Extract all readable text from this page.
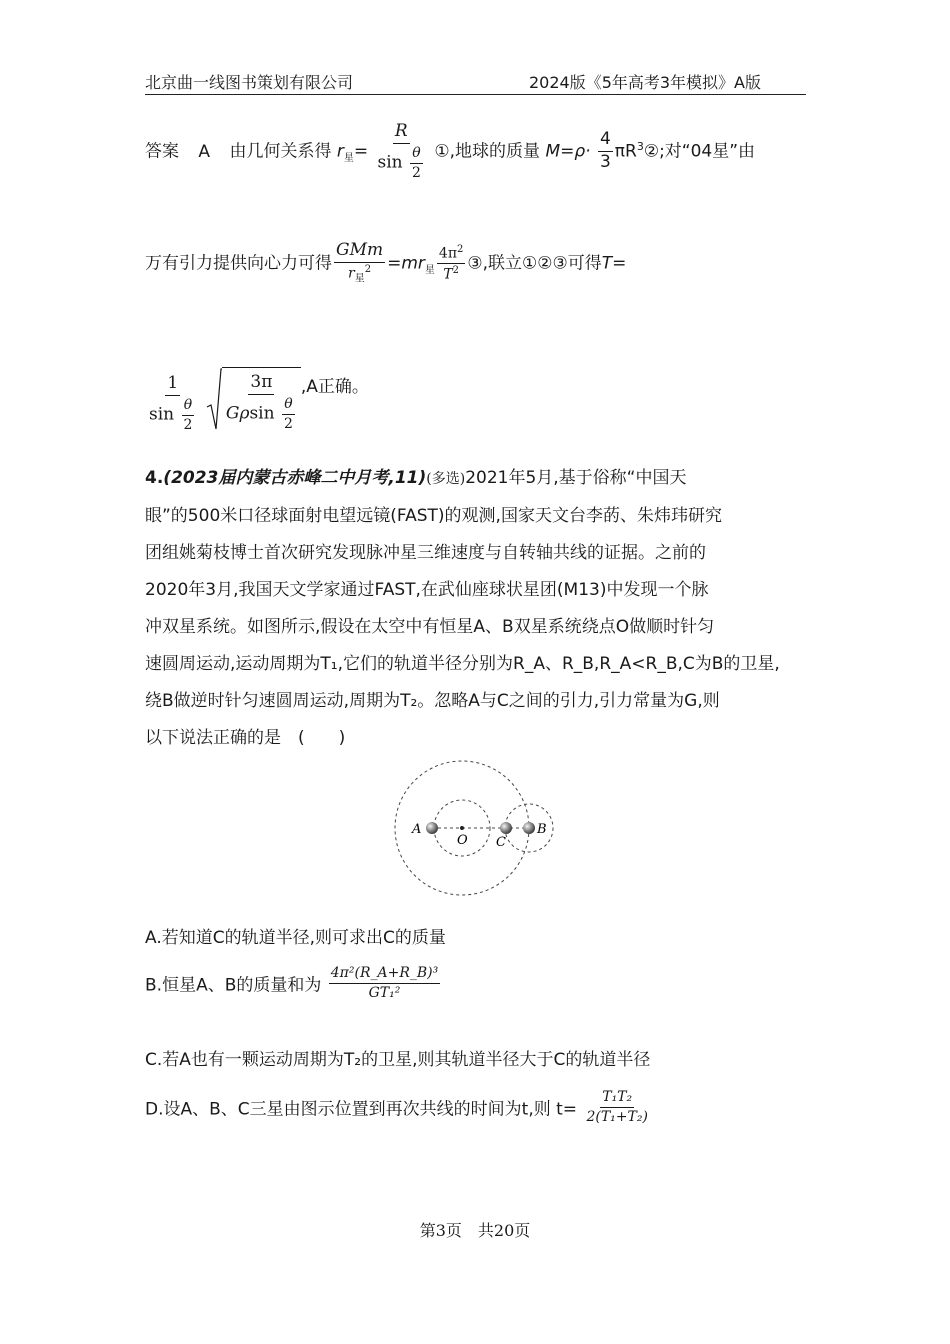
北京曲一线图书策划有限公司	2024版《5年高考3年模拟》A版
答案 A 由几何关系得 $r_星= \frac{R}{\sin \frac{\theta}{2}}$ ①,地球的质量 $M=\rho\cdot \frac{4}{3}$ $\pi R^3②$;对“04星”由
万有引力提供向心力可得 $\frac{\text{GMm}}{r_星^2} =mr_星 \frac{4\pi^2}{T^2}$ ③,联立①②③可得T=
$\frac{1}{\sin \frac{\theta}{2}}$
$\frac{3\pi}{G\rho\sin \frac{\theta}{2}} ,A$正确。
4.(2023届内蒙古赤峰二中月考,11)(多选)2021年5月,基于俗称“中国天
眼”的500米口径球面射电望远镜(FAST)的观测,国家天文台李菂、朱炜玮研究
团组姚菊枝博士首次研究发现脉冲星三维速度与自转轴共线的证据。之前的
2020年3月,我国天文学家通过FAST,在武仙座球状星团(M13)中发现一个脉
冲双星系统。如图所示,假设在太空中有恒星A、B双星系统绕点O做顺时针匀
速圆周运动,运动周期为T₁,它们的轨道半径分别为R_A、R_B,R_A<R_B,C为B的卫星,
绕B做逆时针匀速圆周运动,周期为T₂。忽略A与C之间的引力,引力常量为G,则
以下说法正确的是　(　　)
A
O C
B
A.若知道C的轨道半径,则可求出C的质量
B.恒星A、B的质量和为 $\frac{\text{4π²(R\_A+R\_B)³}}{\text{GT₁²}}$
C.若A也有一颗运动周期为T₂的卫星,则其轨道半径大于C的轨道半径
D.设A、B、C三星由图示位置到再次共线的时间为t,则 $t= \frac{\text{T₁T₂}}{\text{2(T₁+T₂)}}$
第3页　共20页
